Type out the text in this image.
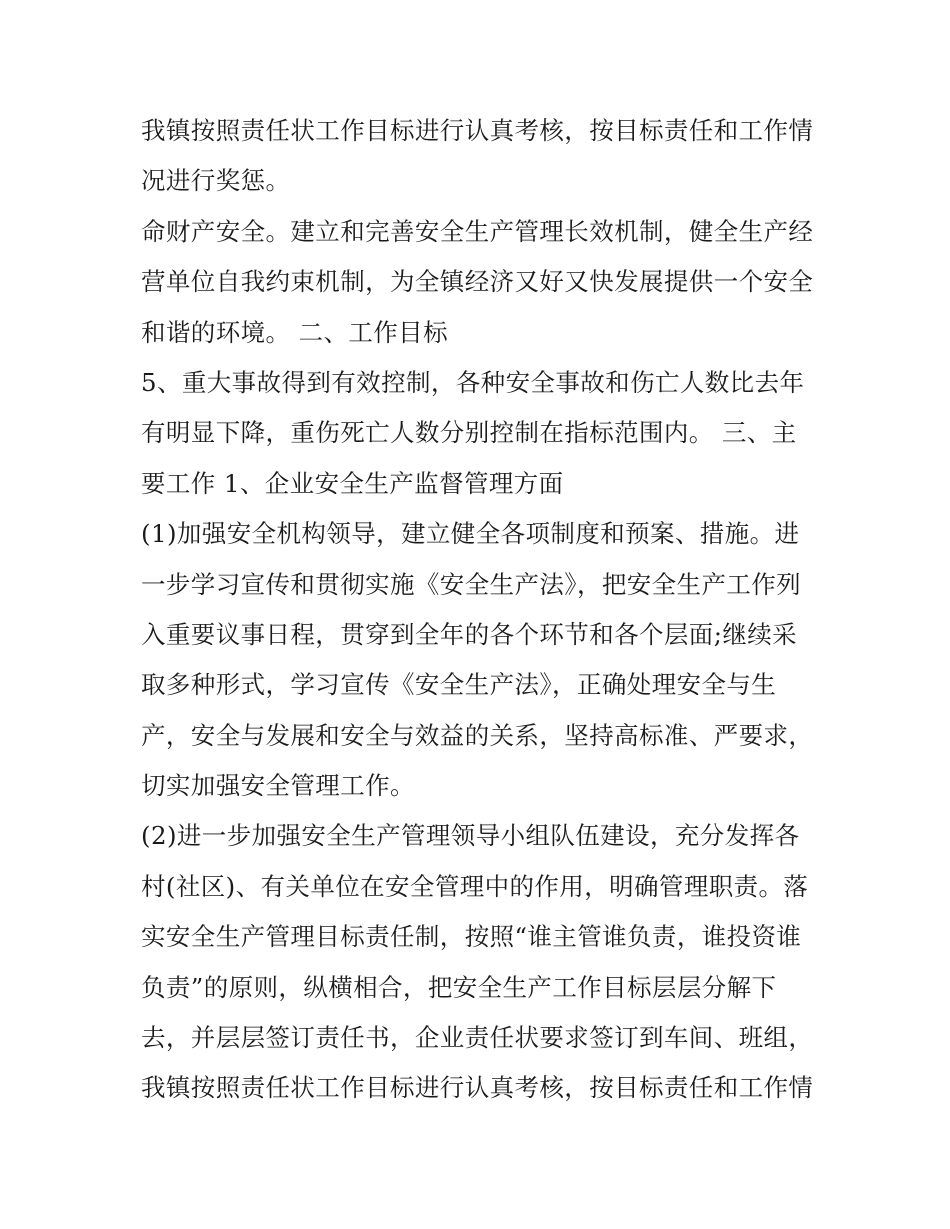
我镇按照责任状工作目标进行认真考核，按目标责任和工作情
况进行奖惩。
命财产安全。建立和完善安全生产管理长效机制，健全生产经
营单位自我约束机制，为全镇经济又好又快发展提供一个安全
和谐的环境。 二、工作目标
5、重大事故得到有效控制，各种安全事故和伤亡人数比去年
有明显下降，重伤死亡人数分别控制在指标范围内。 三、主
要工作 1、企业安全生产监督管理方面
(1)加强安全机构领导，建立健全各项制度和预案、措施。进
一步学习宣传和贯彻实施《安全生产法》，把安全生产工作列
入重要议事日程，贯穿到全年的各个环节和各个层面;继续采
取多种形式，学习宣传《安全生产法》，正确处理安全与生
产，安全与发展和安全与效益的关系，坚持高标准、严要求，
切实加强安全管理工作。
(2)进一步加强安全生产管理领导小组队伍建设，充分发挥各
村(社区)、有关单位在安全管理中的作用，明确管理职责。落
实安全生产管理目标责任制，按照“谁主管谁负责，谁投资谁
负责”的原则，纵横相合，把安全生产工作目标层层分解下
去，并层层签订责任书，企业责任状要求签订到车间、班组，
我镇按照责任状工作目标进行认真考核，按目标责任和工作情
